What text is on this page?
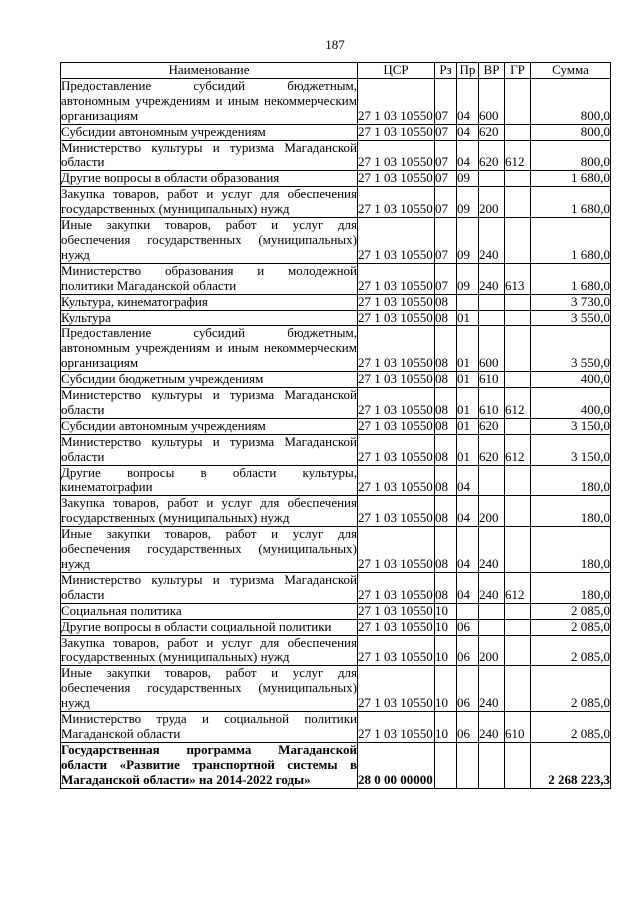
187
Наименование	ЦСР	Рз	Пр	ВР	ГР	Сумма

Предоставление субсидий бюджетным,
автономным учреждениям и иным некоммерческим
организациям	27 1 03 10550	07	04	600		800,0

Субсидии автономным учреждениям	27 1 03 10550	07	04	620		800,0

Министерство культуры и туризма Магаданской
области	27 1 03 10550	07	04	620	612	800,0

Другие вопросы в области образования	27 1 03 10550	07	09			1 680,0

Закупка товаров, работ и услуг для обеспечения
государственных (муниципальных) нужд	27 1 03 10550	07	09	200		1 680,0

Иные закупки товаров, работ и услуг для
обеспечения государственных (муниципальных)
нужд	27 1 03 10550	07	09	240		1 680,0

Министерство образования и молодежной
политики Магаданской области	27 1 03 10550	07	09	240	613	1 680,0

Культура, кинематография	27 1 03 10550	08				3 730,0

Культура	27 1 03 10550	08	01			3 550,0

Предоставление субсидий бюджетным,
автономным учреждениям и иным некоммерческим
организациям	27 1 03 10550	08	01	600		3 550,0

Субсидии бюджетным учреждениям	27 1 03 10550	08	01	610		400,0

Министерство культуры и туризма Магаданской
области	27 1 03 10550	08	01	610	612	400,0

Субсидии автономным учреждениям	27 1 03 10550	08	01	620		3 150,0

Министерство культуры и туризма Магаданской
области	27 1 03 10550	08	01	620	612	3 150,0

Другие вопросы в области культуры,
кинематографии	27 1 03 10550	08	04			180,0

Закупка товаров, работ и услуг для обеспечения
государственных (муниципальных) нужд	27 1 03 10550	08	04	200		180,0

Иные закупки товаров, работ и услуг для
обеспечения государственных (муниципальных)
нужд	27 1 03 10550	08	04	240		180,0

Министерство культуры и туризма Магаданской
области	27 1 03 10550	08	04	240	612	180,0

Социальная политика	27 1 03 10550	10				2 085,0

Другие вопросы в области социальной политики	27 1 03 10550	10	06			2 085,0

Закупка товаров, работ и услуг для обеспечения
государственных (муниципальных) нужд	27 1 03 10550	10	06	200		2 085,0

Иные закупки товаров, работ и услуг для
обеспечения государственных (муниципальных)
нужд	27 1 03 10550	10	06	240		2 085,0

Министерство труда и социальной политики
Магаданской области	27 1 03 10550	10	06	240	610	2 085,0

Государственная программа Магаданской
области «Развитие транспортной системы в
Магаданской области» на 2014-2022 годы»	28 0 00 00000					2 268 223,3
